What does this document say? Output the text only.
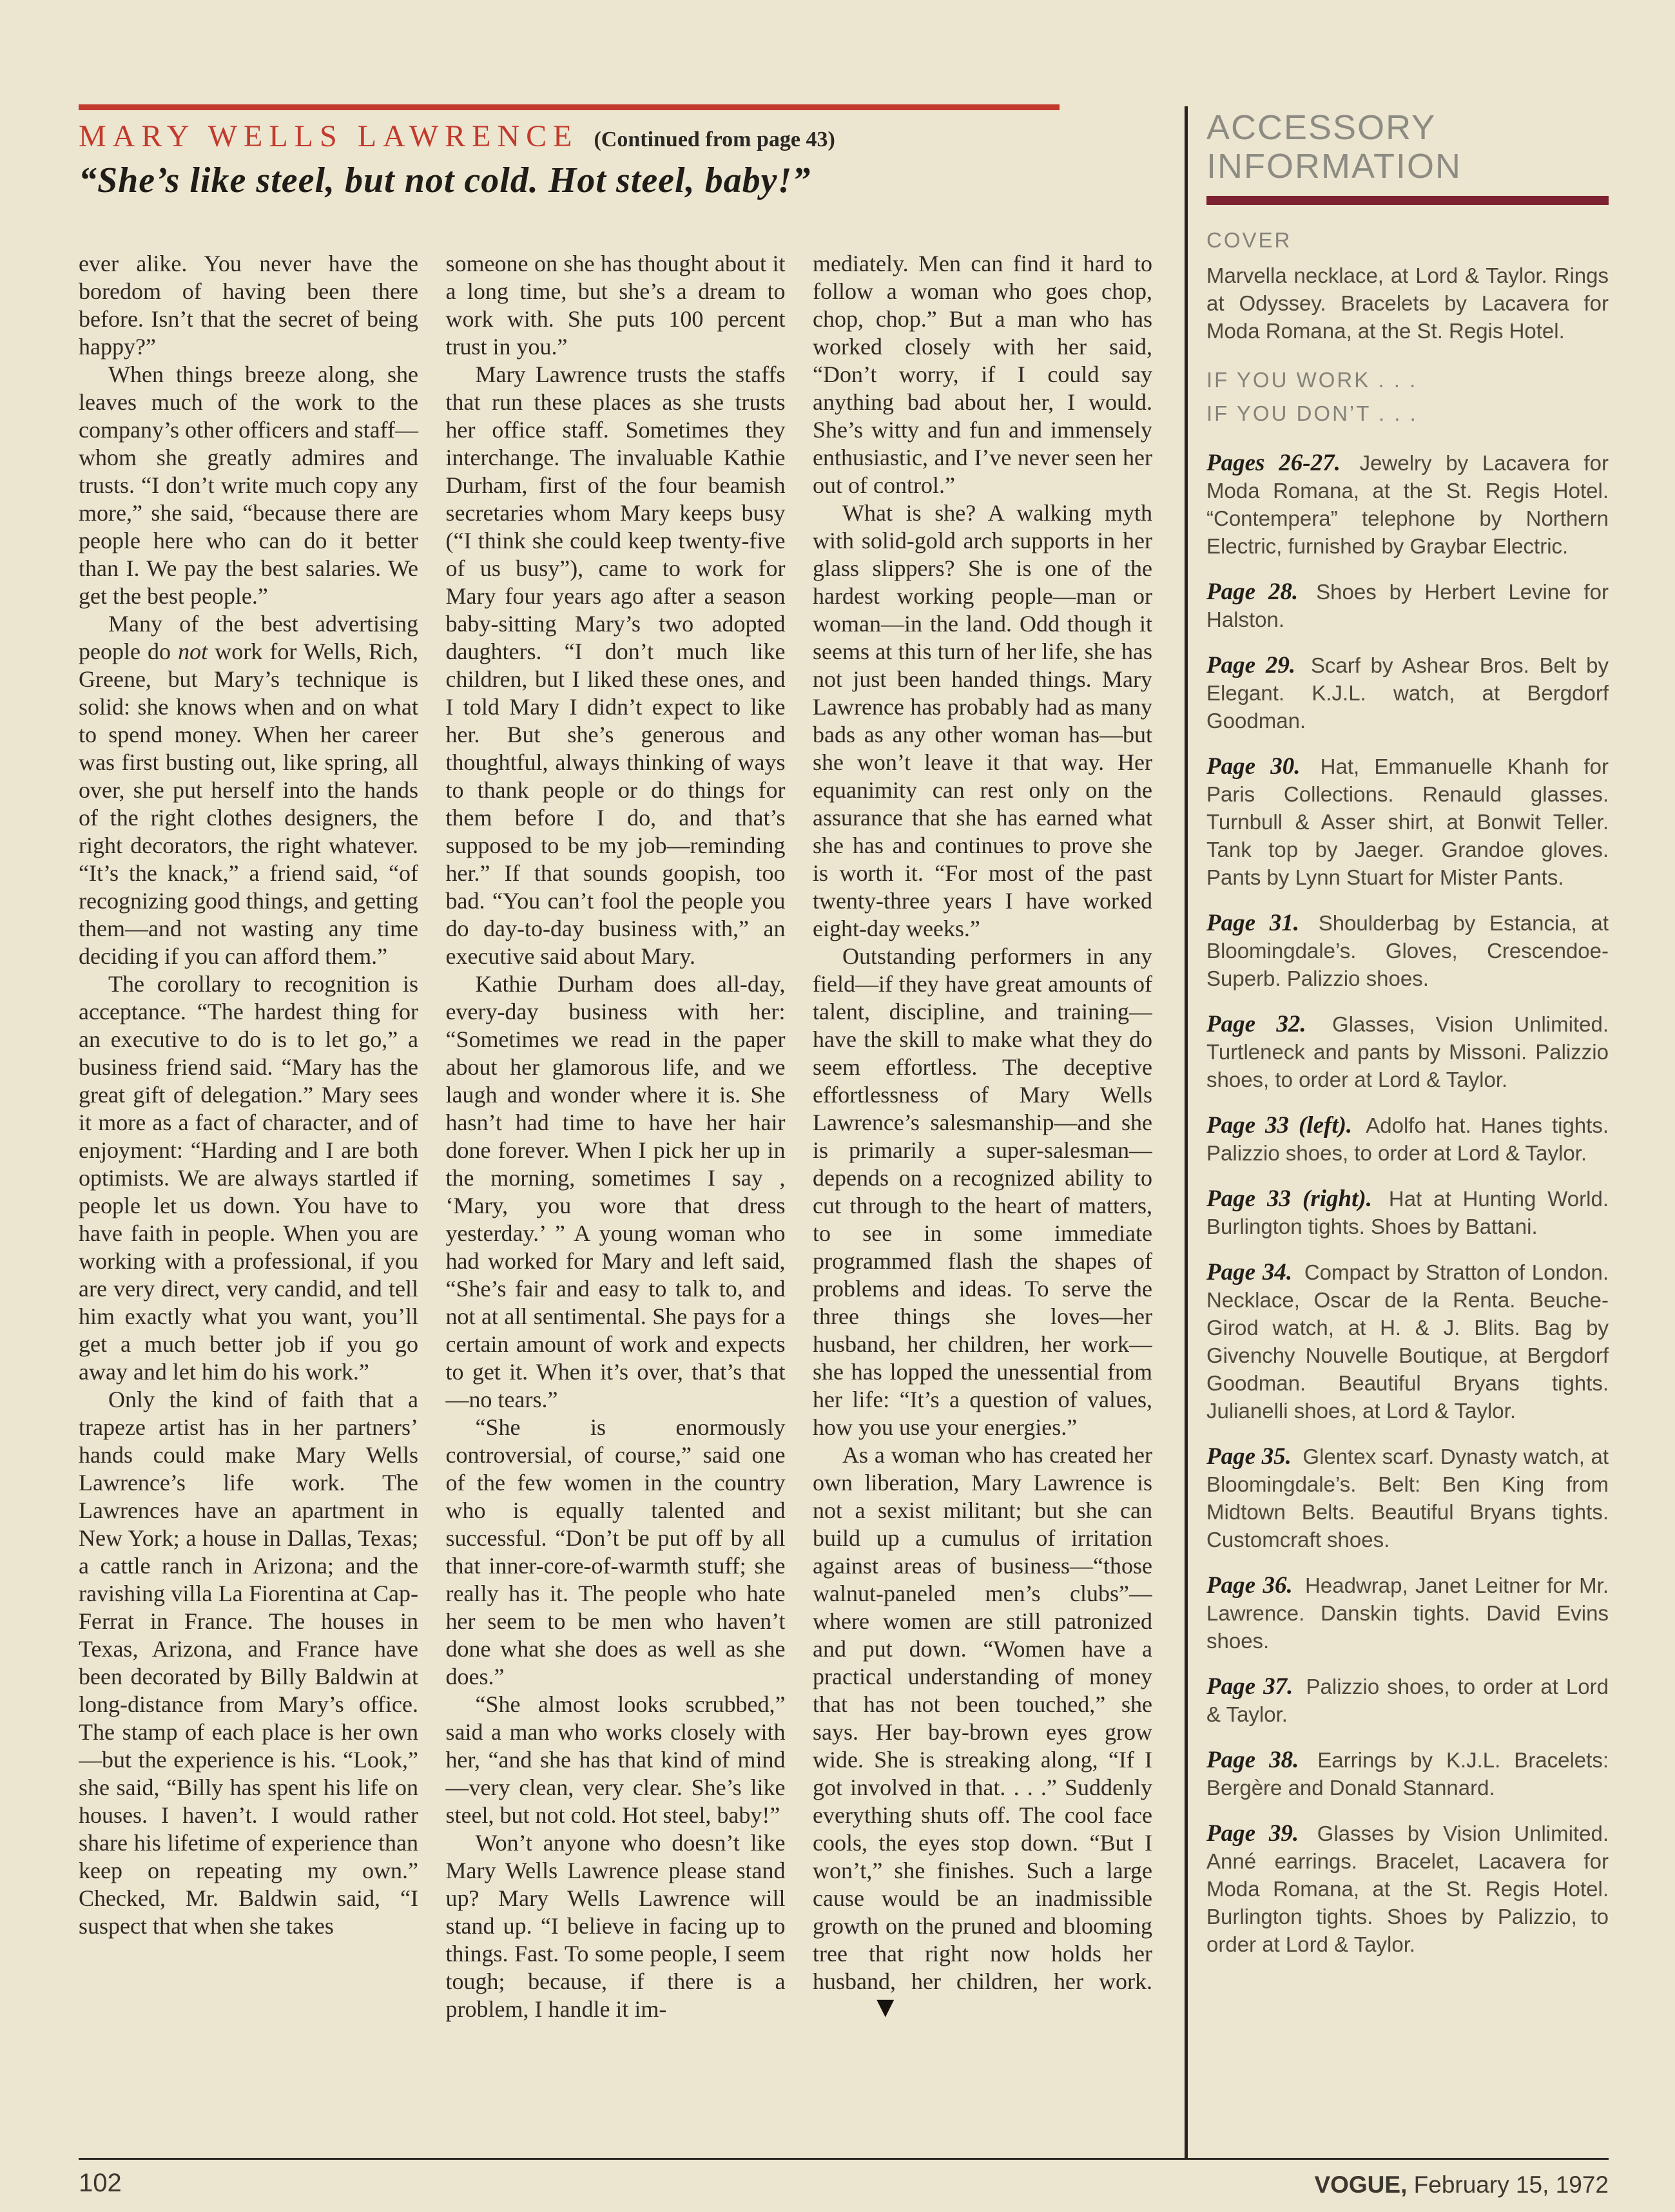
MARY WELLS LAWRENCE (Continued from page 43)
“She’s like steel, but not cold. Hot steel, baby!”

ever alike. You never have the boredom of having been there before. Isn’t that the secret of being happy?”

When things breeze along, she leaves much of the work to the company’s other officers and staff—whom she greatly admires and trusts. “I don’t write much copy any more,” she said, “because there are people here who can do it better than I. We pay the best salaries. We get the best people.”

Many of the best advertising people do not work for Wells, Rich, Greene, but Mary’s technique is solid: she knows when and on what to spend money. When her career was first busting out, like spring, all over, she put herself into the hands of the right clothes designers, the right decorators, the right whatever. “It’s the knack,” a friend said, “of recognizing good things, and getting them—and not wasting any time deciding if you can afford them.”

The corollary to recognition is acceptance. “The hardest thing for an executive to do is to let go,” a business friend said. “Mary has the great gift of delegation.” Mary sees it more as a fact of character, and of enjoyment: “Harding and I are both optimists. We are always startled if people let us down. You have to have faith in people. When you are working with a professional, if you are very direct, very candid, and tell him exactly what you want, you’ll get a much better job if you go away and let him do his work.”

Only the kind of faith that a trapeze artist has in her partners’ hands could make Mary Wells Lawrence’s life work. The Lawrences have an apartment in New York; a house in Dallas, Texas; a cattle ranch in Arizona; and the ravishing villa La Fiorentina at Cap-Ferrat in France. The houses in Texas, Arizona, and France have been decorated by Billy Baldwin at long-distance from Mary’s office. The stamp of each place is her own—but the experience is his. “Look,” she said, “Billy has spent his life on houses. I haven’t. I would rather share his lifetime of experience than keep on repeating my own.” Checked, Mr. Baldwin said, “I suspect that when she takes

someone on she has thought about it a long time, but she’s a dream to work with. She puts 100 percent trust in you.”

Mary Lawrence trusts the staffs that run these places as she trusts her office staff. Sometimes they interchange. The invaluable Kathie Durham, first of the four beamish secretaries whom Mary keeps busy (“I think she could keep twenty-five of us busy”), came to work for Mary four years ago after a season baby-sitting Mary’s two adopted daughters. “I don’t much like children, but I liked these ones, and I told Mary I didn’t expect to like her. But she’s generous and thoughtful, always thinking of ways to thank people or do things for them before I do, and that’s supposed to be my job—reminding her.” If that sounds goopish, too bad. “You can’t fool the people you do day-to-day business with,” an executive said about Mary.

Kathie Durham does all-day, every-day business with her: “Sometimes we read in the paper about her glamorous life, and we laugh and wonder where it is. She hasn’t had time to have her hair done forever. When I pick her up in the morning, sometimes I say , ‘Mary, you wore that dress yesterday.’ ” A young woman who had worked for Mary and left said, “She’s fair and easy to talk to, and not at all sentimental. She pays for a certain amount of work and expects to get it. When it’s over, that’s that—no tears.”

“She is enormously controversial, of course,” said one of the few women in the country who is equally talented and successful. “Don’t be put off by all that inner-core-of-warmth stuff; she really has it. The people who hate her seem to be men who haven’t done what she does as well as she does.”

“She almost looks scrubbed,” said a man who works closely with her, “and she has that kind of mind—very clean, very clear. She’s like steel, but not cold. Hot steel, baby!”

Won’t anyone who doesn’t like Mary Wells Lawrence please stand up? Mary Wells Lawrence will stand up. “I believe in facing up to things. Fast. To some people, I seem tough; because, if there is a problem, I handle it im-

mediately. Men can find it hard to follow a woman who goes chop, chop, chop.” But a man who has worked closely with her said, “Don’t worry, if I could say anything bad about her, I would. She’s witty and fun and immensely enthusiastic, and I’ve never seen her out of control.”

What is she? A walking myth with solid-gold arch supports in her glass slippers? She is one of the hardest working people—man or woman—in the land. Odd though it seems at this turn of her life, she has not just been handed things. Mary Lawrence has probably had as many bads as any other woman has—but she won’t leave it that way. Her equanimity can rest only on the assurance that she has earned what she has and continues to prove she is worth it. “For most of the past twenty-three years I have worked eight-day weeks.”

Outstanding performers in any field—if they have great amounts of talent, discipline, and training—have the skill to make what they do seem effortless. The deceptive effortlessness of Mary Wells Lawrence’s salesmanship—and she is primarily a super-salesman—depends on a recognized ability to cut through to the heart of matters, to see in some immediate programmed flash the shapes of problems and ideas. To serve the three things she loves—her husband, her children, her work—she has lopped the unessential from her life: “It’s a question of values, how you use your energies.”

As a woman who has created her own liberation, Mary Lawrence is not a sexist militant; but she can build up a cumulus of irritation against areas of business—“those walnut-paneled men’s clubs”—where women are still patronized and put down. “Women have a practical understanding of money that has not been touched,” she says. Her bay-brown eyes grow wide. She is streaking along, “If I got involved in that. . . .” Suddenly everything shuts off. The cool face cools, the eyes stop down. “But I won’t,” she finishes. Such a large cause would be an inadmissible growth on the pruned and blooming tree that right now holds her husband, her children, her work.▼

ACCESSORY
INFORMATION
COVER

Marvella necklace, at Lord & Taylor. Rings at Odyssey. Bracelets by Lacavera for Moda Romana, at the St. Regis Hotel.

IF YOU WORK . . .
IF YOU DON’T . . .
Pages 26-27. Jewelry by Lacavera for Moda Romana, at the St. Regis Hotel. “Contempera” telephone by Northern Electric, furnished by Graybar Electric.
Page 28. Shoes by Herbert Levine for Halston.
Page 29. Scarf by Ashear Bros. Belt by Elegant. K.J.L. watch, at Bergdorf Goodman.
Page 30. Hat, Emmanuelle Khanh for Paris Collections. Renauld glasses. Turnbull & Asser shirt, at Bonwit Teller. Tank top by Jaeger. Grandoe gloves. Pants by Lynn Stuart for Mister Pants.
Page 31. Shoulderbag by Estancia, at Bloomingdale’s. Gloves, Crescendoe-Superb. Palizzio shoes.
Page 32. Glasses, Vision Unlimited. Turtleneck and pants by Missoni. Palizzio shoes, to order at Lord & Taylor.
Page 33 (left). Adolfo hat. Hanes tights. Palizzio shoes, to order at Lord & Taylor.
Page 33 (right). Hat at Hunting World. Burlington tights. Shoes by Battani.
Page 34. Compact by Stratton of London. Necklace, Oscar de la Renta. Beuche-Girod watch, at H. & J. Blits. Bag by Givenchy Nouvelle Boutique, at Bergdorf Goodman. Beautiful Bryans tights. Julianelli shoes, at Lord & Taylor.
Page 35. Glentex scarf. Dynasty watch, at Bloomingdale’s. Belt: Ben King from Midtown Belts. Beautiful Bryans tights. Customcraft shoes.
Page 36. Headwrap, Janet Leitner for Mr. Lawrence. Danskin tights. David Evins shoes.
Page 37. Palizzio shoes, to order at Lord & Taylor.
Page 38. Earrings by K.J.L. Bracelets: Bergère and Donald Stannard.
Page 39. Glasses by Vision Unlimited. Anné earrings. Bracelet, Lacavera for Moda Romana, at the St. Regis Hotel. Burlington tights. Shoes by Palizzio, to order at Lord & Taylor.
102	VOGUE, February 15, 1972
